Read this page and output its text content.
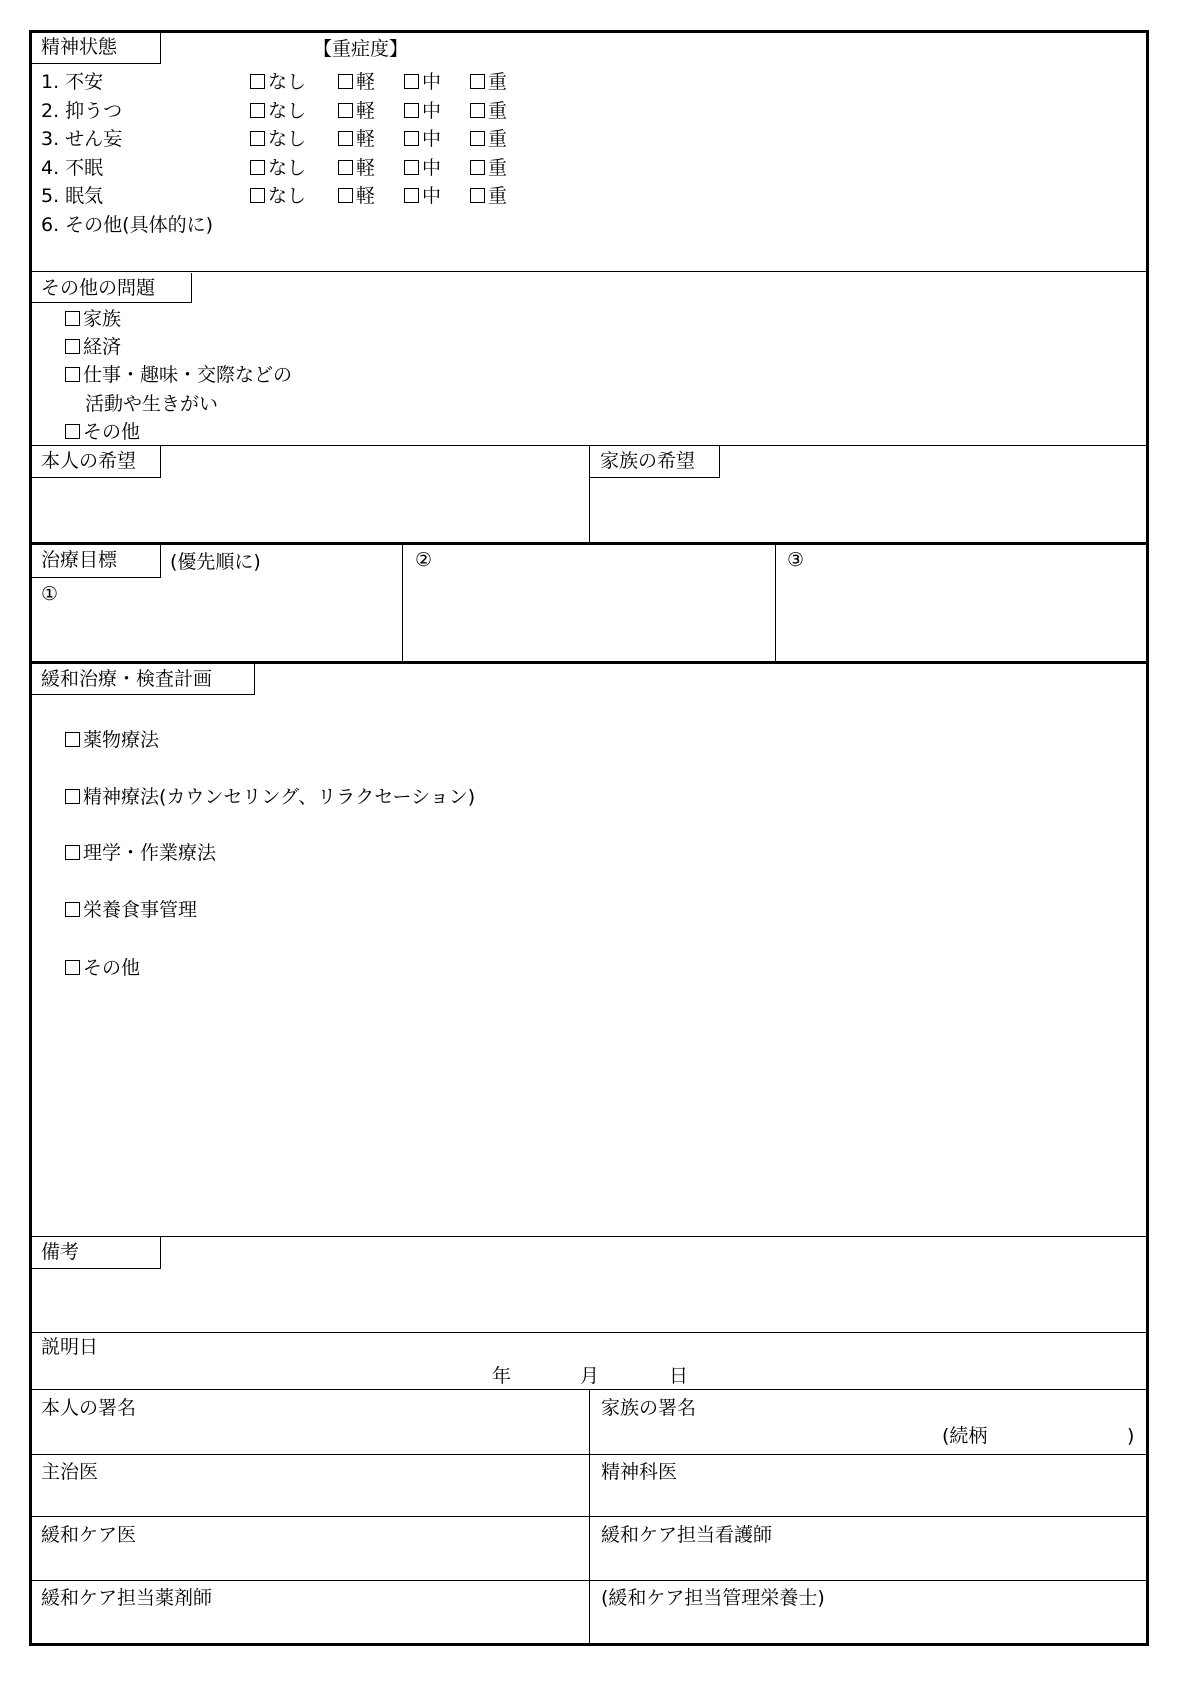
精神状態	【重症度】
1. 不安	なし	軽	中	重
2. 抑うつ	なし	軽	中	重
3. せん妄	なし	軽	中	重
4. 不眠	なし	軽	中	重
5. 眠気	なし	軽	中	重
6. その他(具体的に)
その他の問題
家族
経済
仕事・趣味・交際などの
活動や生きがい
その他
本人の希望	家族の希望
治療目標	(優先順に)
①
②	③
緩和治療・検査計画
薬物療法
精神療法(カウンセリング、リラクセーション)
理学・作業療法
栄養食事管理
その他
備考
説明日
年	月	日
本人の署名	家族の署名
(続柄	)
主治医	精神科医
緩和ケア医	緩和ケア担当看護師
緩和ケア担当薬剤師	(緩和ケア担当管理栄養士)
